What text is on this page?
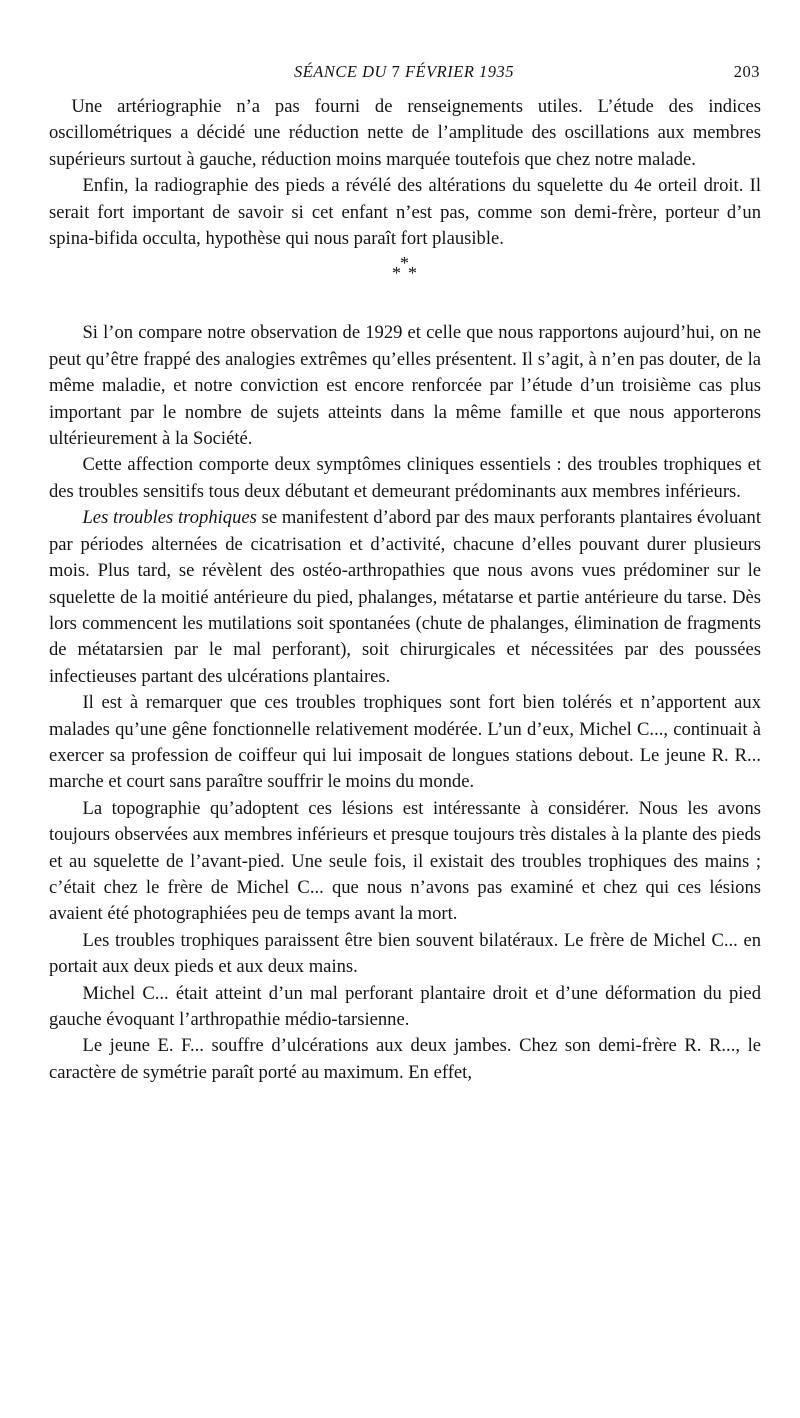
SÉANCE DU 7 FÉVRIER 1935	203

Une artériographie n’a pas fourni de renseignements utiles. L’étude des indices oscillométriques a décidé une réduction nette de l’amplitude des oscillations aux membres supérieurs surtout à gauche, réduction moins marquée toutefois que chez notre malade.

Enfin, la radiographie des pieds a révélé des altérations du squelette du 4e orteil droit. Il serait fort important de savoir si cet enfant n’est pas, comme son demi-frère, porteur d’un spina-bifida occulta, hypothèse qui nous paraît fort plausible.

*
* *

Si l’on compare notre observation de 1929 et celle que nous rapportons aujourd’hui, on ne peut qu’être frappé des analogies extrêmes qu’elles présentent. Il s’agit, à n’en pas douter, de la même maladie, et notre conviction est encore renforcée par l’étude d’un troisième cas plus important par le nombre de sujets atteints dans la même famille et que nous apporterons ultérieurement à la Société.

Cette affection comporte deux symptômes cliniques essentiels : des troubles trophiques et des troubles sensitifs tous deux débutant et demeurant prédominants aux membres inférieurs.

Les troubles trophiques se manifestent d’abord par des maux perforants plantaires évoluant par périodes alternées de cicatrisation et d’activité, chacune d’elles pouvant durer plusieurs mois. Plus tard, se révèlent des ostéo-arthropathies que nous avons vues prédominer sur le squelette de la moitié antérieure du pied, phalanges, métatarse et partie antérieure du tarse. Dès lors commencent les mutilations soit spontanées (chute de phalanges, élimination de fragments de métatarsien par le mal perforant), soit chirurgicales et nécessitées par des poussées infectieuses partant des ulcérations plantaires.

Il est à remarquer que ces troubles trophiques sont fort bien tolérés et n’apportent aux malades qu’une gêne fonctionnelle relativement modérée. L’un d’eux, Michel C..., continuait à exercer sa profession de coiffeur qui lui imposait de longues stations debout. Le jeune R. R... marche et court sans paraître souffrir le moins du monde.

La topographie qu’adoptent ces lésions est intéressante à considérer. Nous les avons toujours observées aux membres inférieurs et presque toujours très distales à la plante des pieds et au squelette de l’avant-pied. Une seule fois, il existait des troubles trophiques des mains ; c’était chez le frère de Michel C... que nous n’avons pas examiné et chez qui ces lésions avaient été photographiées peu de temps avant la mort.

Les troubles trophiques paraissent être bien souvent bilatéraux. Le frère de Michel C... en portait aux deux pieds et aux deux mains.

Michel C... était atteint d’un mal perforant plantaire droit et d’une déformation du pied gauche évoquant l’arthropathie médio-tarsienne.

Le jeune E. F... souffre d’ulcérations aux deux jambes. Chez son demi-frère R. R..., le caractère de symétrie paraît porté au maximum. En effet,
